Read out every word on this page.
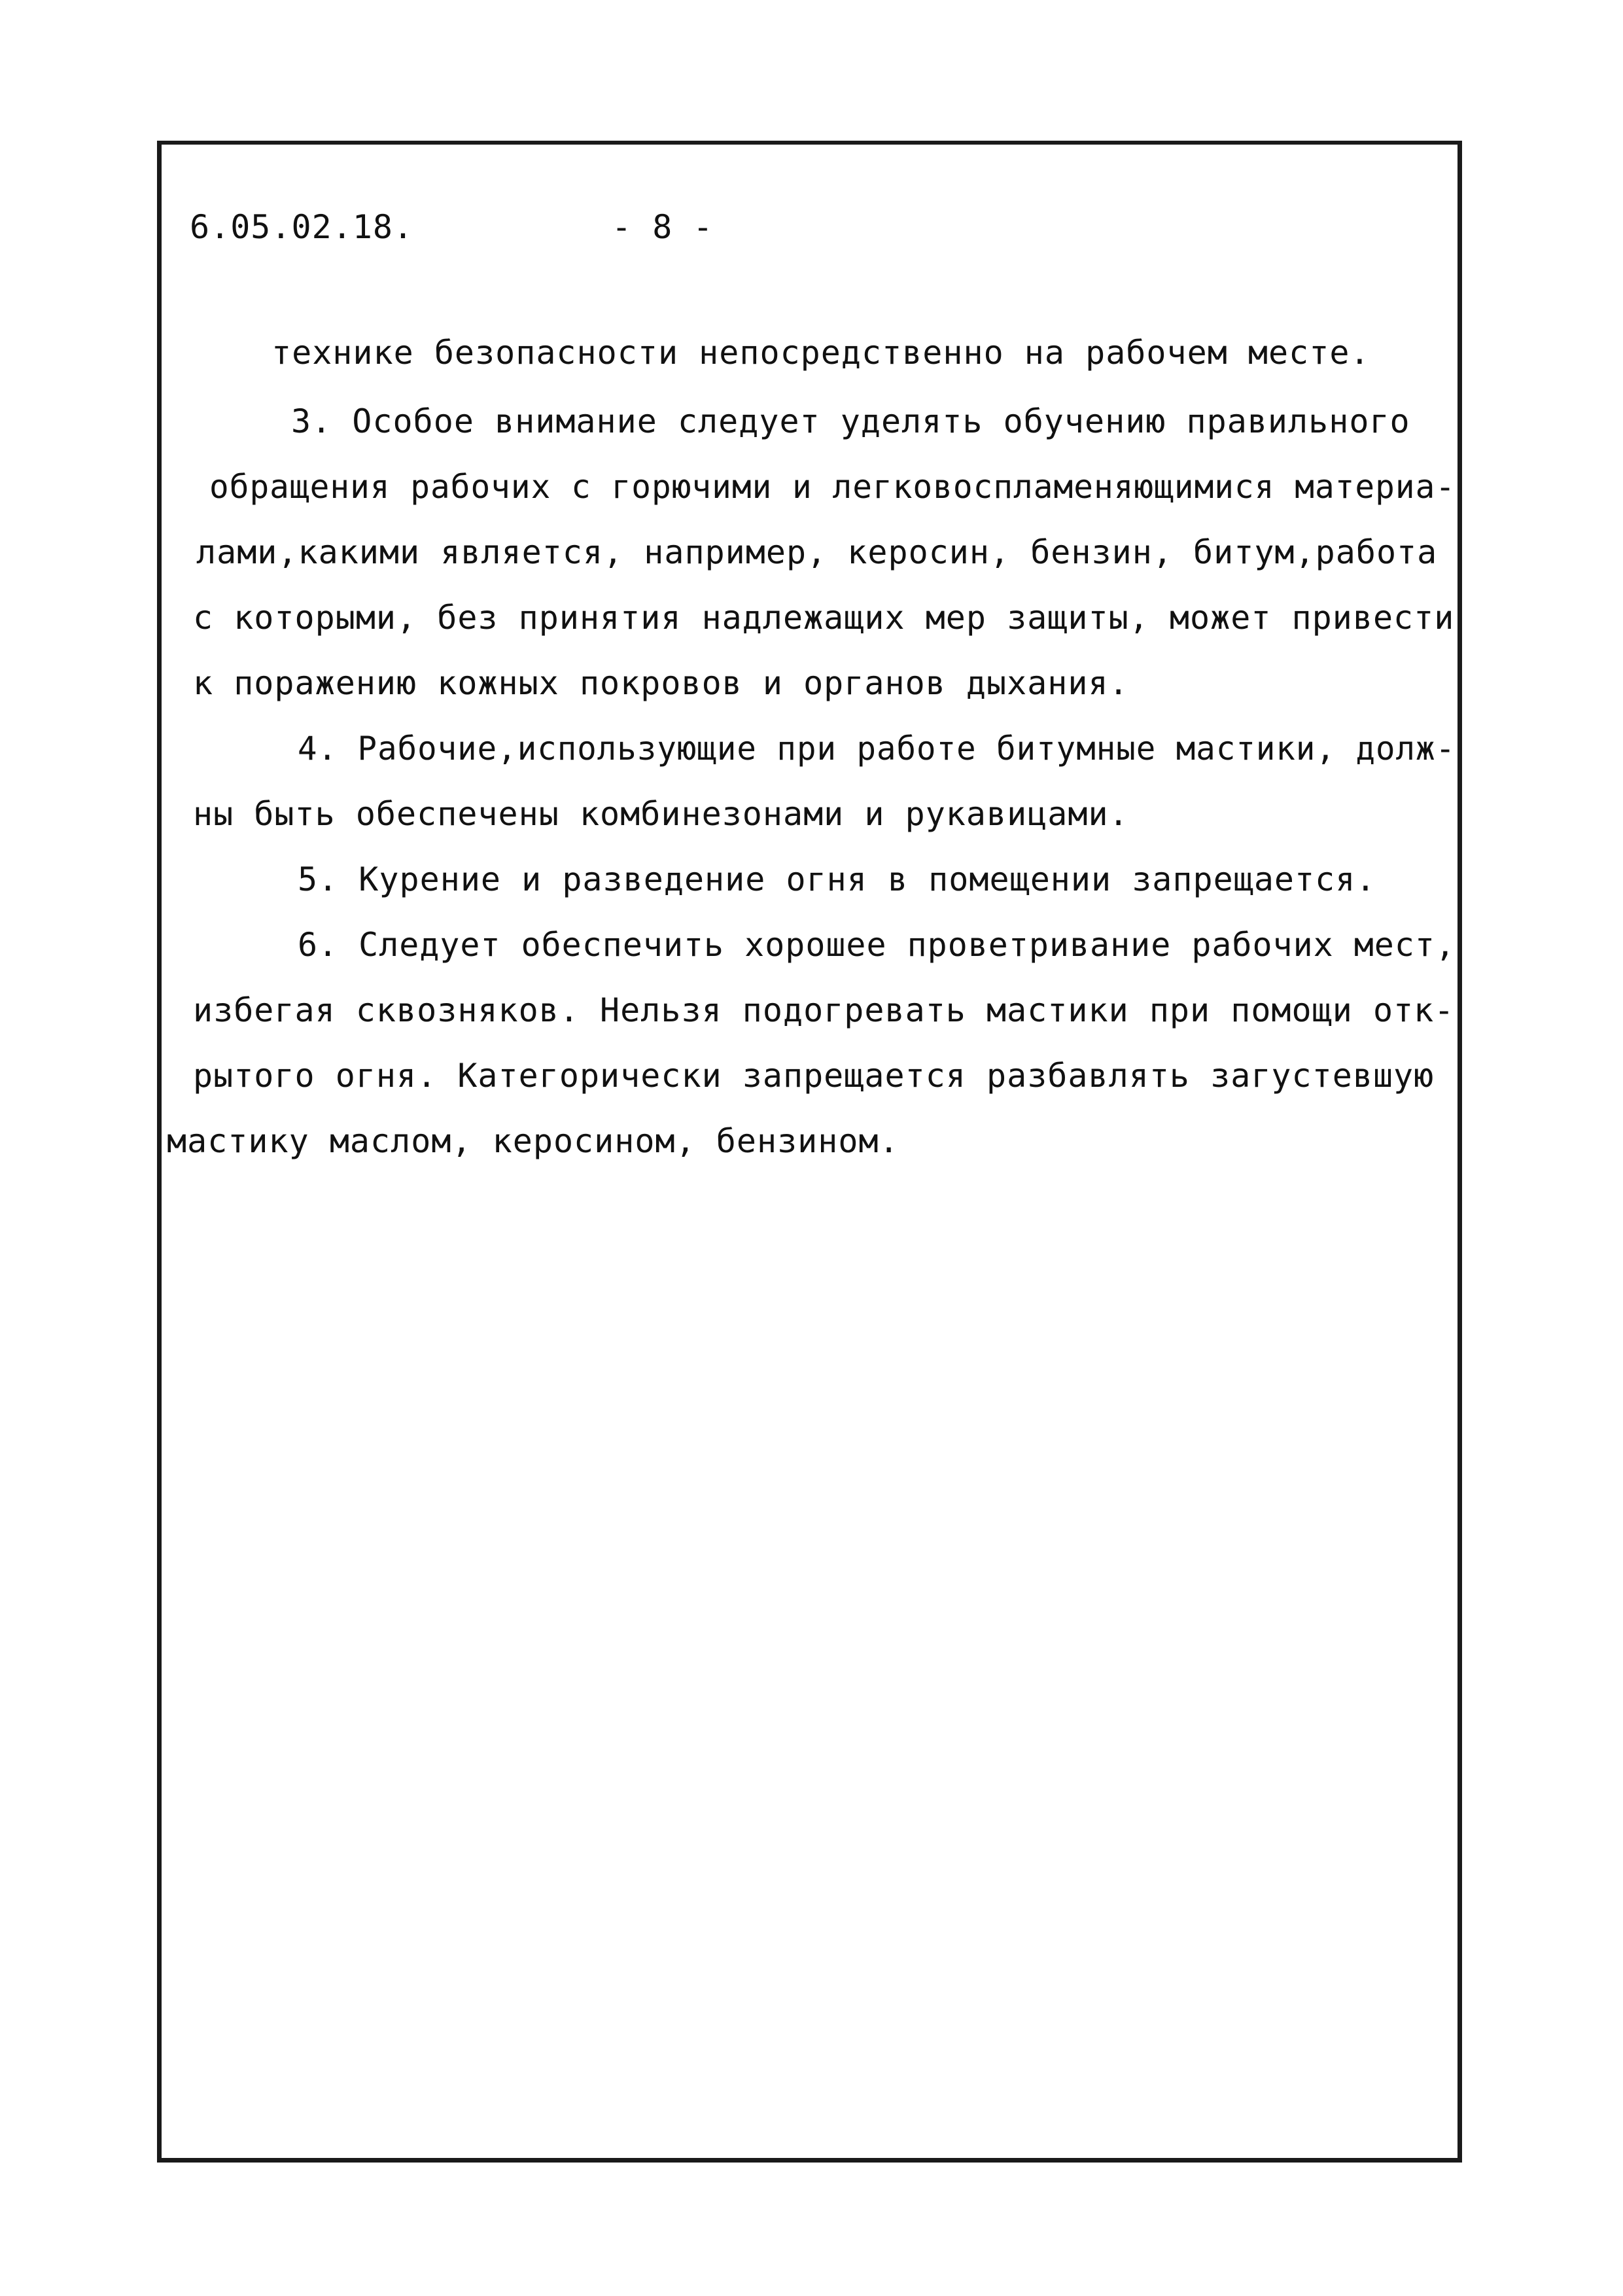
6.05.02.18.	- 8 -
технике безопасности непосредственно на рабочем месте.
3. Особое внимание следует уделять обучению правильного
обращения рабочих с горючими и легковоспламеняющимися материа-
лами,какими является, например, керосин, бензин, битум,работа
с которыми, без принятия надлежащих мер защиты, может привести
к поражению кожных покровов и органов дыхания.
4. Рабочие,использующие при работе битумные мастики, долж-
ны быть обеспечены комбинезонами и рукавицами.
5. Курение и разведение огня в помещении запрещается.
6. Следует обеспечить хорошее проветривание рабочих мест,
избегая сквозняков. Нельзя подогревать мастики при помощи отк-
рытого огня. Категорически запрещается разбавлять загустевшую
мастику маслом, керосином, бензином.
